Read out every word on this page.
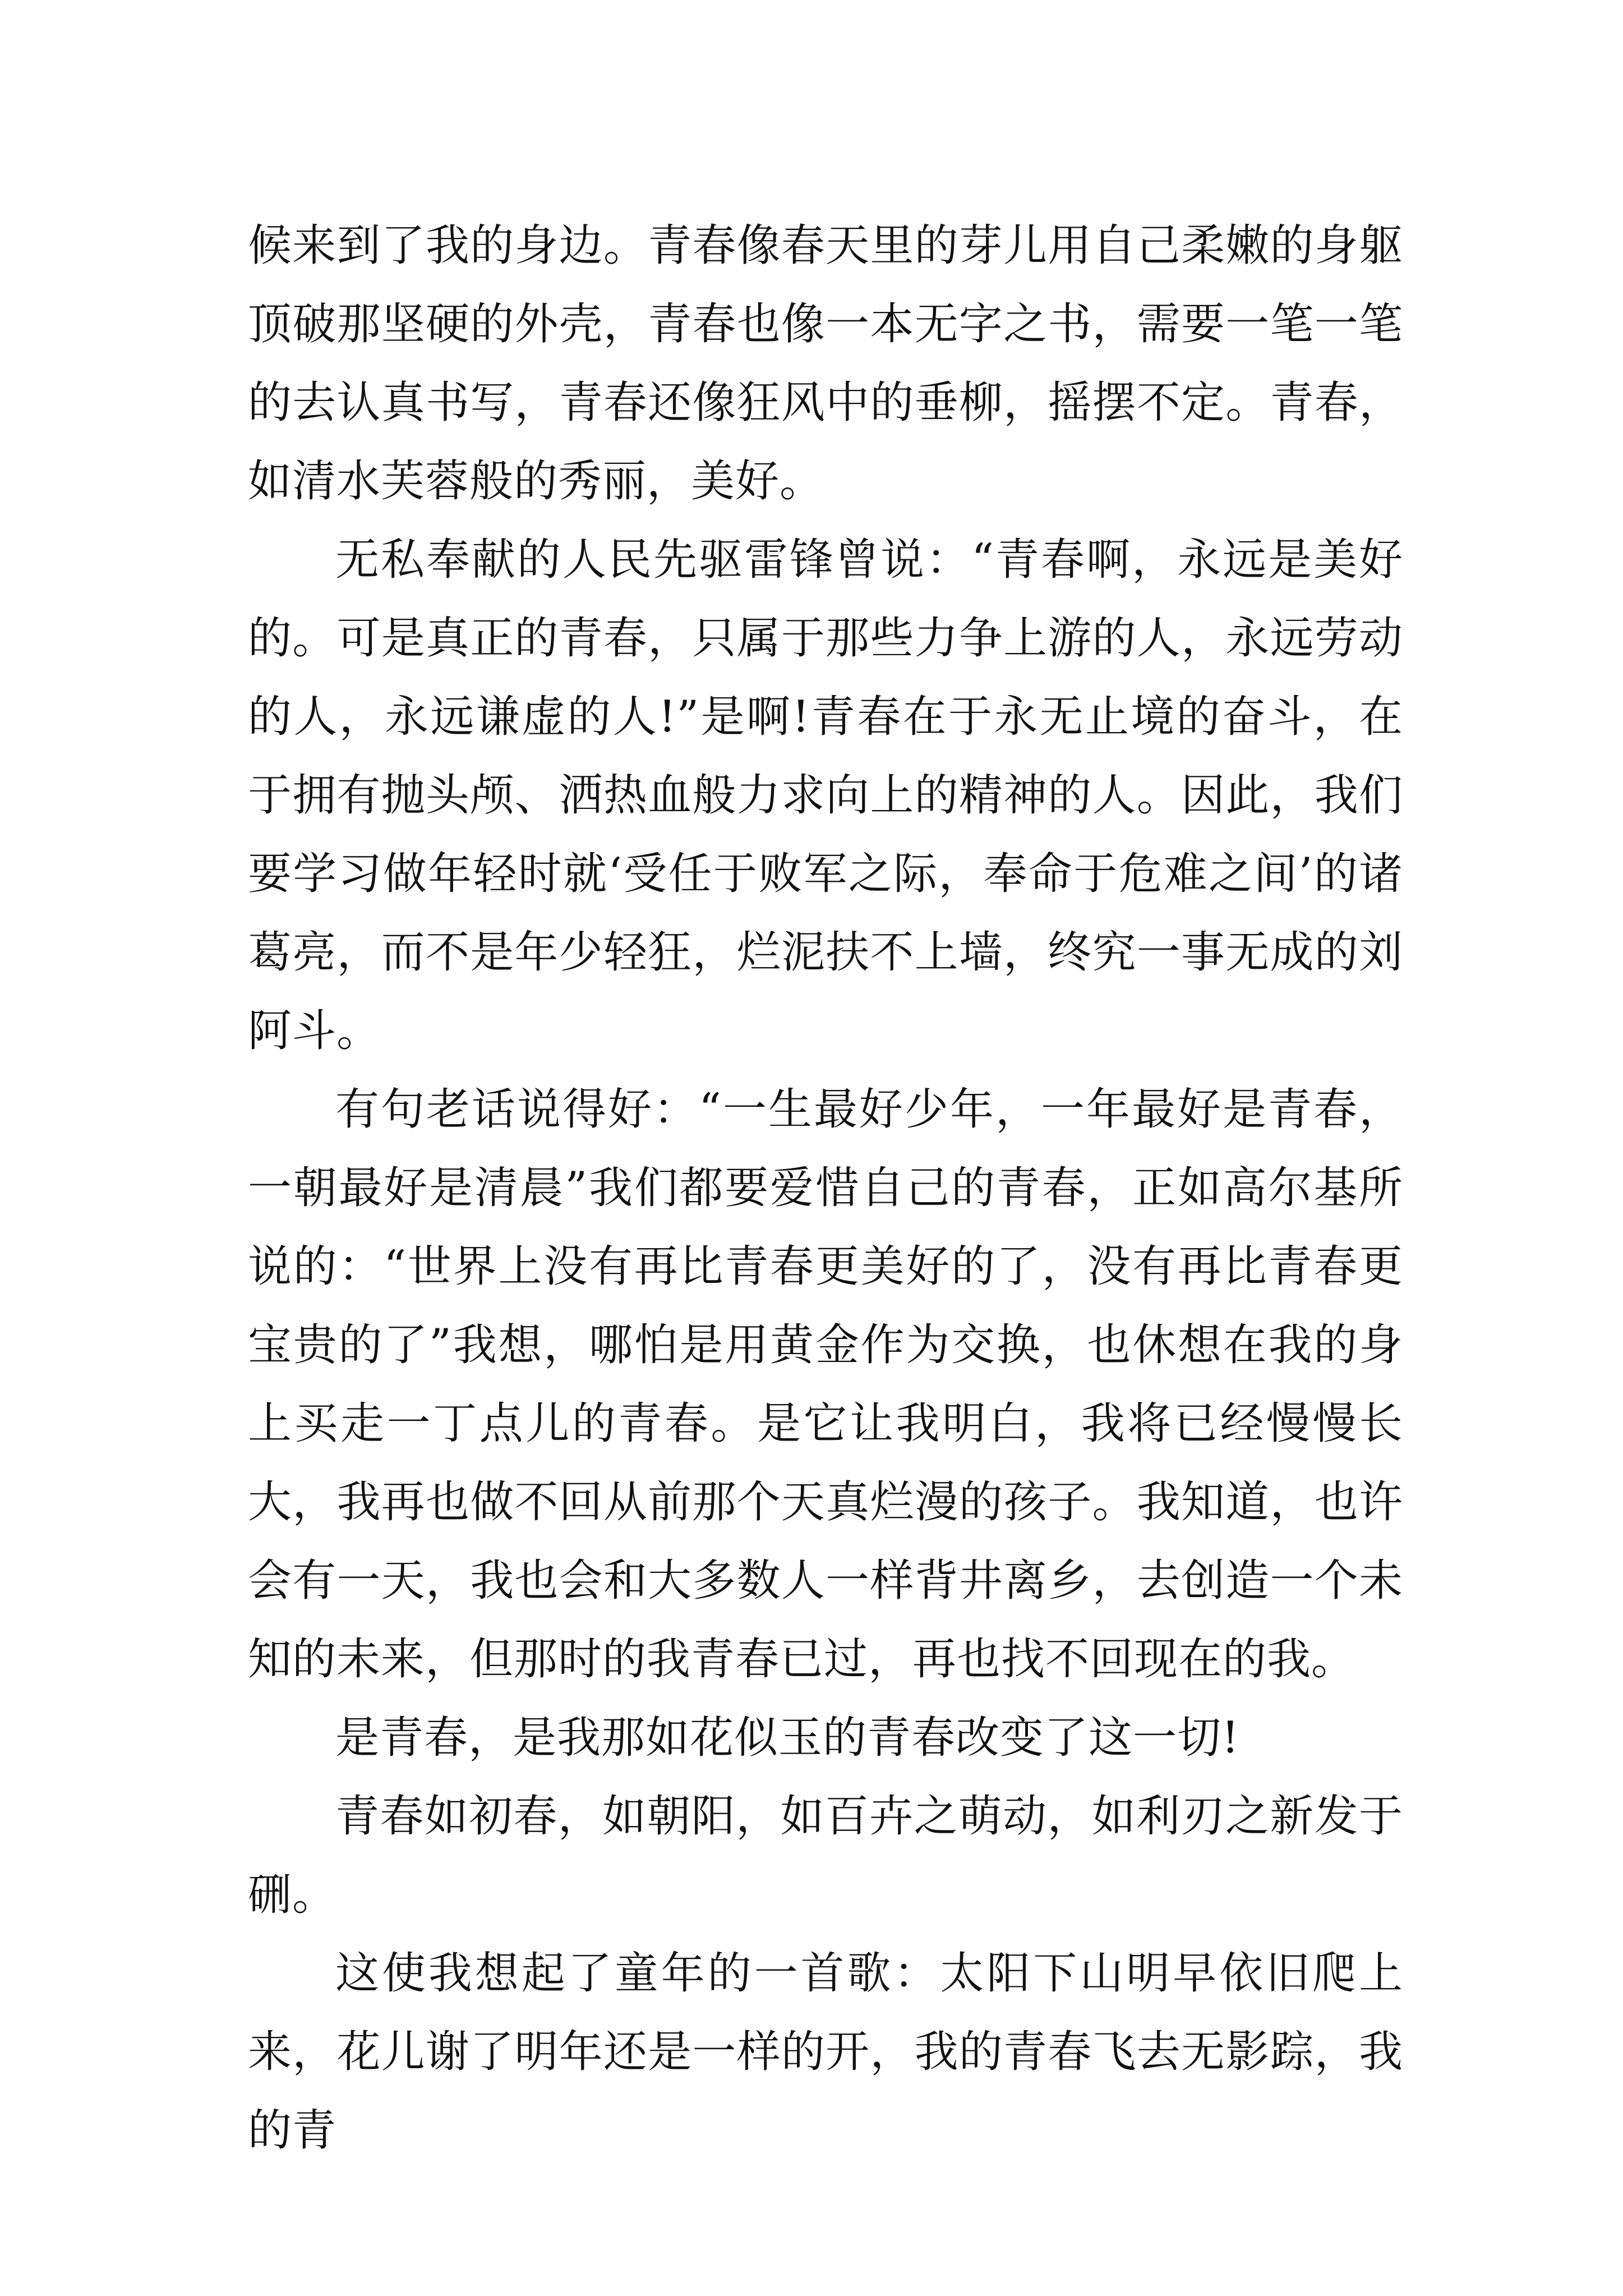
候来到了我的身边。青春像春天里的芽儿用自己柔嫩的身躯顶破那坚硬的外壳，青春也像一本无字之书，需要一笔一笔的去认真书写，青春还像狂风中的垂柳，摇摆不定。青春，如清水芙蓉般的秀丽，美好。

无私奉献的人民先驱雷锋曾说：“青春啊，永远是美好的。可是真正的青春，只属于那些力争上游的人，永远劳动的人，永远谦虚的人!”是啊!青春在于永无止境的奋斗，在于拥有抛头颅、洒热血般力求向上的精神的人。因此，我们要学习做年轻时就‘受任于败军之际，奉命于危难之间’的诸葛亮，而不是年少轻狂，烂泥扶不上墙，终究一事无成的刘阿斗。

有句老话说得好：“一生最好少年，一年最好是青春，一朝最好是清晨”我们都要爱惜自己的青春，正如高尔基所说的：“世界上没有再比青春更美好的了，没有再比青春更宝贵的了”我想，哪怕是用黄金作为交换，也休想在我的身上买走一丁点儿的青春。是它让我明白，我将已经慢慢长大，我再也做不回从前那个天真烂漫的孩子。我知道，也许会有一天，我也会和大多数人一样背井离乡，去创造一个未知的未来，但那时的我青春已过，再也找不回现在的我。

是青春，是我那如花似玉的青春改变了这一切!

青春如初春，如朝阳，如百卉之萌动，如利刃之新发于硎。

这使我想起了童年的一首歌：太阳下山明早依旧爬上来，花儿谢了明年还是一样的开，我的青春飞去无影踪，我的青
